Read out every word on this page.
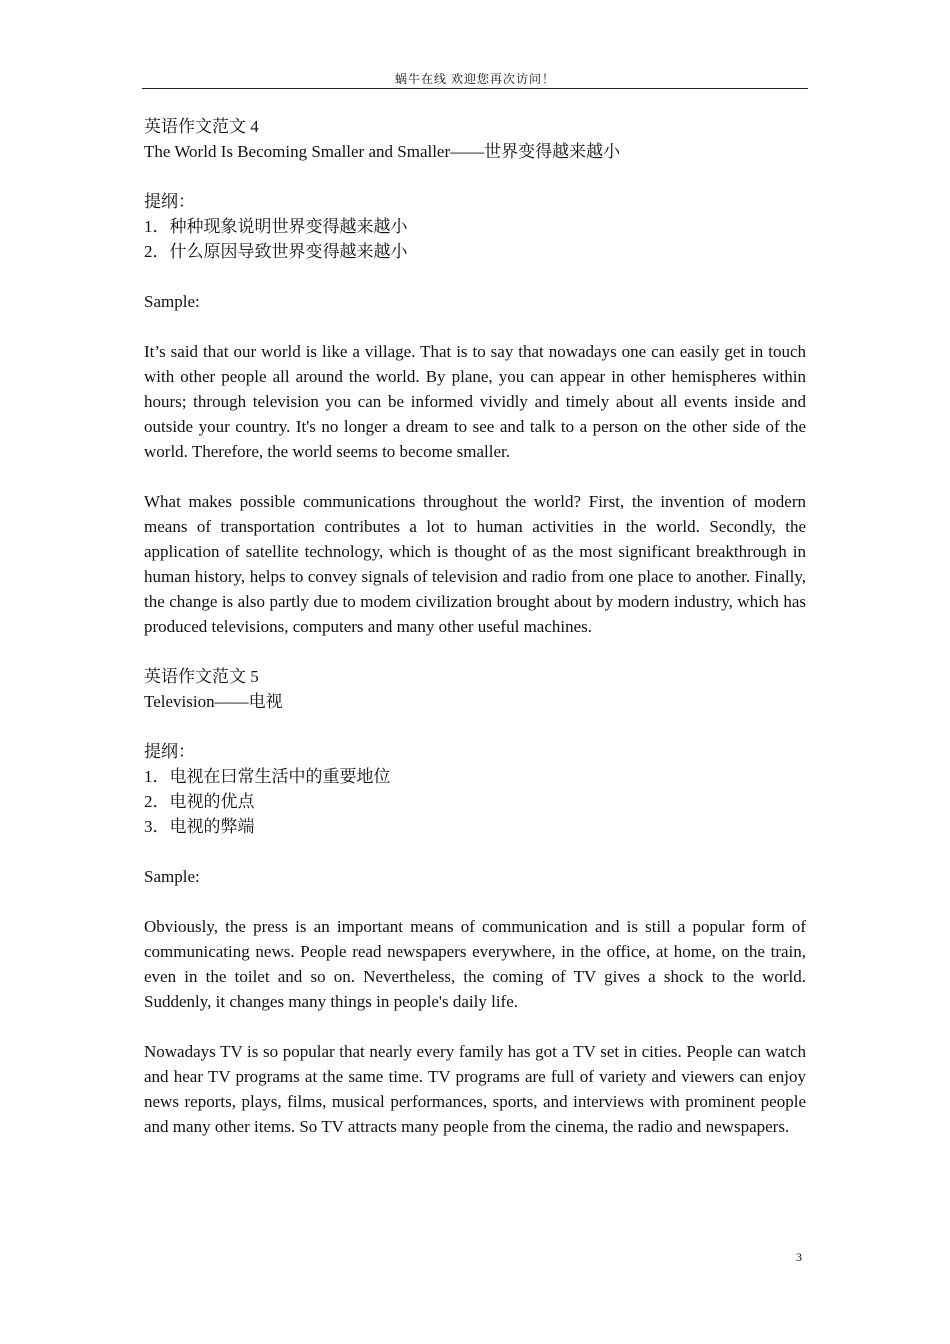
蜗牛在线 欢迎您再次访问！
英语作文范文 4
The World Is Becoming Smaller and Smaller——世界变得越来越小
提纲：
1．种种现象说明世界变得越来越小
2．什么原因导致世界变得越来越小
Sample:

It’s said that our world is like a village. That is to say that nowadays one can easily get in touch with other people all around the world. By plane, you can appear in other hemispheres within hours; through television you can be informed vividly and timely about all events inside and outside your country. It's no longer a dream to see and talk to a person on the other side of the world. Therefore, the world seems to become smaller.

What makes possible communications throughout the world? First, the invention of modern means of transportation contributes a lot to human activities in the world. Secondly, the application of satellite technology, which is thought of as the most significant breakthrough in human history, helps to convey signals of television and radio from one place to another. Finally, the change is also partly due to modem civilization brought about by modern industry, which has produced televisions, computers and many other useful machines.

英语作文范文 5
Television——电视
提纲：
1．电视在曰常生活中的重要地位
2．电视的优点
3．电视的弊端
Sample:

Obviously, the press is an important means of communication and is still a popular form of communicating news. People read newspapers everywhere, in the office, at home, on the train, even in the toilet and so on. Nevertheless, the coming of TV gives a shock to the world. Suddenly, it changes many things in people's daily life.

Nowadays TV is so popular that nearly every family has got a TV set in cities. People can watch and hear TV programs at the same time. TV programs are full of variety and viewers can enjoy news reports, plays, films, musical performances, sports, and interviews with prominent people and many other items. So TV attracts many people from the cinema, the radio and newspapers.

3
